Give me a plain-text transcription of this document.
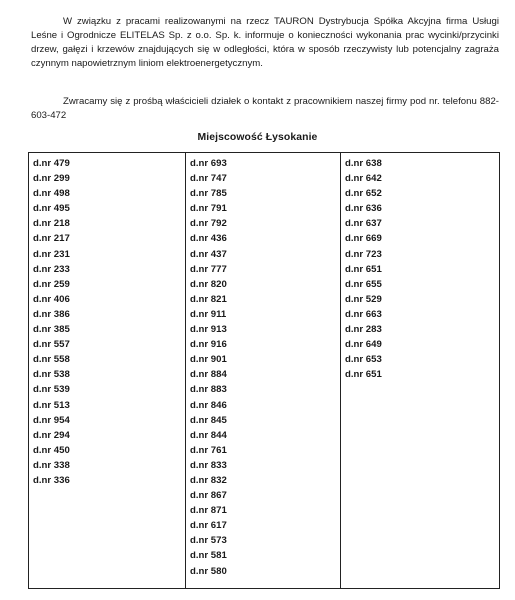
W związku z pracami realizowanymi na rzecz TAURON Dystrybucja Spółka Akcyjna firma Usługi Leśne i Ogrodnicze ELITELAS Sp. z o.o. Sp. k. informuje o konieczności wykonania prac wycinki/przycinki drzew, gałęzi i krzewów znajdujących się w odległości, która w sposób rzeczywisty lub potencjalny zagraża czynnym napowietrznym liniom elektroenergetycznym.

Zwracamy się z prośbą właścicieli działek o kontakt z pracownikiem naszej firmy pod nr. telefonu 882-603-472

Miejscowość Łysokanie
d.nr 479
d.nr 299
d.nr 498
d.nr 495
d.nr 218
d.nr 217
d.nr 231
d.nr 233
d.nr 259
d.nr 406
d.nr 386
d.nr 385
d.nr 557
d.nr 558
d.nr 538
d.nr 539
d.nr 513
d.nr 954
d.nr 294
d.nr 450
d.nr 338
d.nr 336
d.nr 693
d.nr 747
d.nr 785
d.nr 791
d.nr 792
d.nr 436
d.nr 437
d.nr 777
d.nr 820
d.nr 821
d.nr 911
d.nr 913
d.nr 916
d.nr 901
d.nr 884
d.nr 883
d.nr 846
d.nr 845
d.nr 844
d.nr 761
d.nr 833
d.nr 832
d.nr 867
d.nr 871
d.nr 617
d.nr 573
d.nr 581
d.nr 580
d.nr 638
d.nr 642
d.nr 652
d.nr 636
d.nr 637
d.nr 669
d.nr 723
d.nr 651
d.nr 655
d.nr 529
d.nr 663
d.nr 283
d.nr 649
d.nr 653
d.nr 651
